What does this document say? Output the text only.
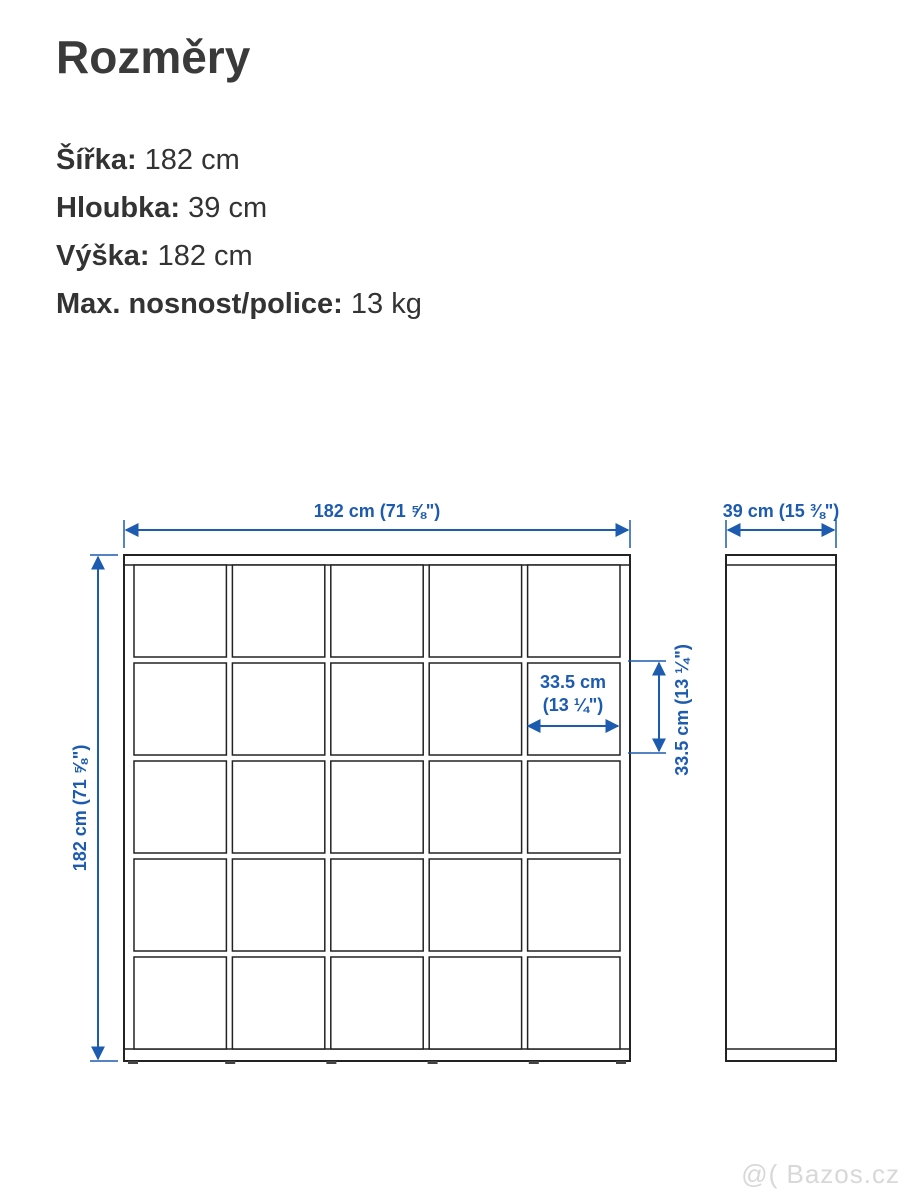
Rozměry
Šířka: 182 cm
Hloubka: 39 cm
Výška: 182 cm
Max. nosnost/police: 13 kg
182 cm (71 ⅝")
182 cm (71 ⅝")
39 cm (15 ⅜")
33.5 cm
(13 ¼")	33.5 cm (13 ¼")
@( Bazos.cz
